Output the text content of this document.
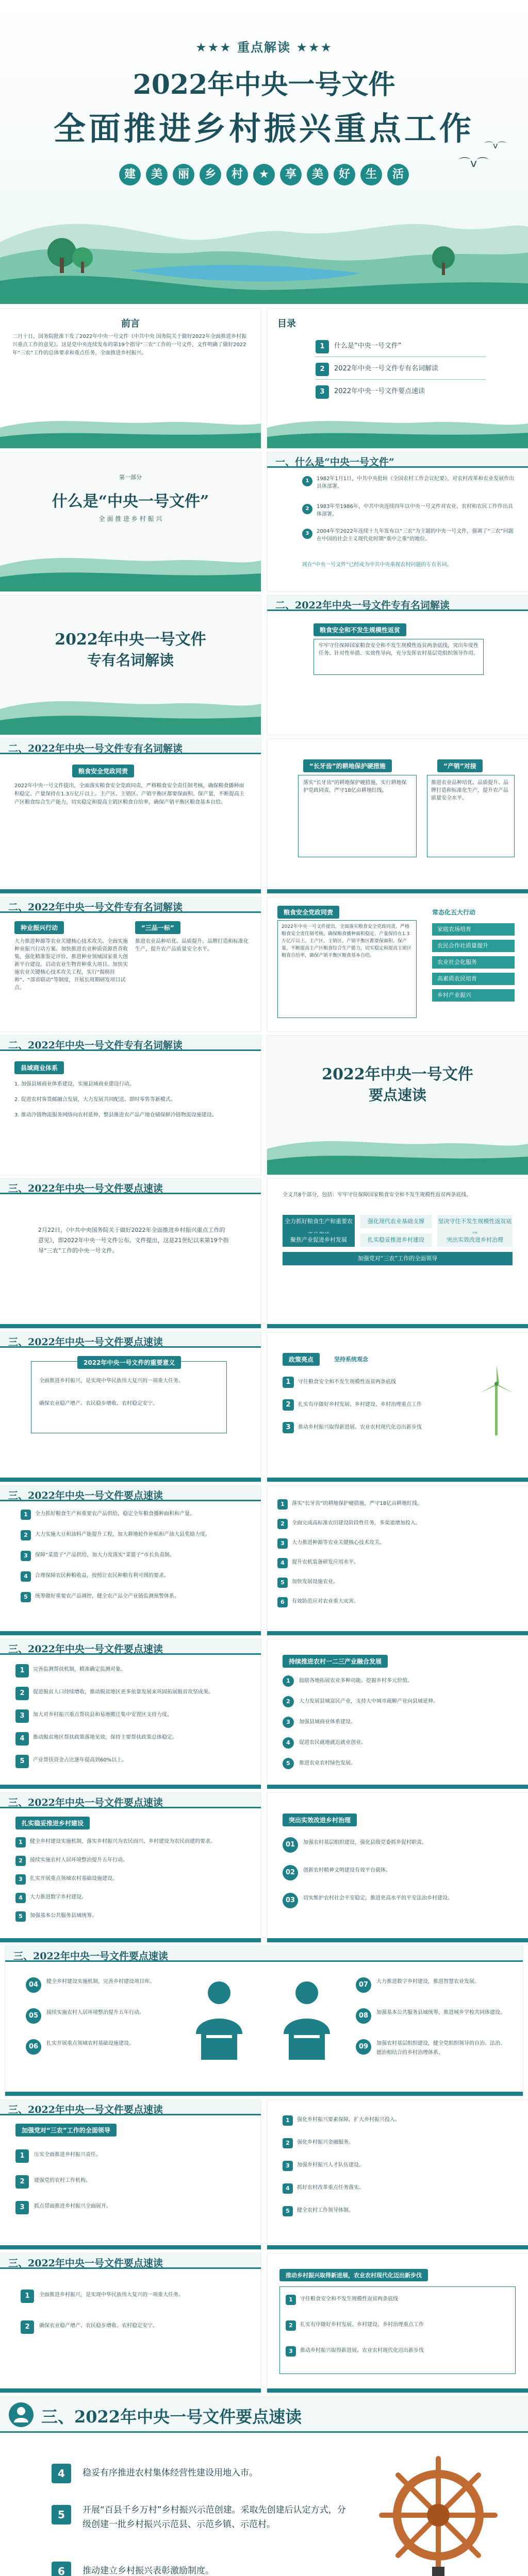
★★★ 重点解读 ★★★
2022年中央一号文件
全面推进乡村振兴重点工作
建 美 丽 乡 村 ★ 享 美 好 生 活
⌒v⌒
⌒v⌒
前言
二月十日，国务院批准下发了2022年中央一号文件《中共中央 国务院关于做好2022年全面推进乡村振兴重点工作的意见》。这是党中央连续发布的第19个指导“三农”工作的一号文件，文件明确了做好2022年“三农”工作的总体要求和重点任务，全面推进乡村振兴。
目录
1	什么是“中央一号文件”
2	2022年中央一号文件专有名词解读
3	2022年中央一号文件要点速读
第一部分
什么是“中央一号文件”
全 面 推 进 乡 村 振 兴
一、什么是“中央一号文件”
1	1982年1月1日，中共中央批转《全国农村工作会议纪要》，对农村改革和农业发展作出具体部署。
2	1983年至1986年，中共中央连续四年以中央一号文件对农业、农村和农民工作作出具体部署。
3	2004年至2022年连续十九年发布以“三农”为主题的中央一号文件，强调了“三农”问题在中国的社会主义现代化时期“重中之重”的地位。
现在“中央一号文件”已经成为中共中央重视农村问题的专有名词。
2022年中央一号文件
专有名词解读
二、2022年中央一号文件专有名词解读
粮食安全和不发生规模性返贫
牢牢守住保障国家粮食安全和不发生规模性返贫两条底线，突出年度性任务、针对性举措、实效性导向，充分发挥农村基层党组织领导作用。
二、2022年中央一号文件专有名词解读
粮食安全党政同责
2022年中央一号文件提出，全面落实粮食安全党政同责，严格粮食安全责任制考核，确保粮食播种面积稳定、产量保持在1.3万亿斤以上。主产区、主销区、产销平衡区都要保面积、保产量，不断提高主产区粮食综合生产能力，切实稳定和提高主销区粮食自给率，确保产销平衡区粮食基本自给。
“长牙齿”的耕地保护硬措施	“产销”对接
落实“长牙齿”的耕地保护硬措施，实行耕地保护党政同责，严守18亿亩耕地红线。
推进农业品种培优、品质提升、品牌打造和标准化生产，提升农产品质量安全水平。
二、2022年中央一号文件专有名词解读
种业振兴行动
大力推进种源等农业关键核心技术攻关。全面实施种业振兴行动方案。加快推进农业种质资源普查收集，强化精准鉴定评价。推进种业领域国家重大创新平台建设。启动农业生物育种重大项目。加快实施农业关键核心技术攻关工程，实行“揭榜挂帅”、“部省联动”等制度，开展长周期研发项目试点。
“三品一标”
推进农业品种培优、品质提升、品牌打造和标准化生产，提升农产品质量安全水平。
粮食安全党政同责
2022年中央一号文件提出，全面落实粮食安全党政同责，严格粮食安全责任制考核，确保粮食播种面积稳定、产量保持在1.3万亿斤以上。主产区、主销区、产销平衡区都要保面积、保产量，不断提高主产区粮食综合生产能力，切实稳定和提高主销区粮食自给率，确保产销平衡区粮食基本自给。
常态化五大行动
家庭农场培育
农民合作社质量提升
农业社会化服务
高素质农民培育
乡村产业振兴
二、2022年中央一号文件专有名词解读
县域商业体系
1. 加强县域商业体系建设，实施县域商业建设行动。
2. 促进农村客货邮融合发展，大力发展共同配送、即时零售等新模式。
3. 推动冷链物流服务网络向农村延伸，整县推进农产品产地仓储保鲜冷链物流设施建设。
2022年中央一号文件
要点速读
三、2022年中央一号文件要点速读
2月22日，《中共中央国务院关于做好2022年全面推进乡村振兴重点工作的意见》，即2022年中央一号文件公布。文件提出，这是21世纪以来第19个指导“三农”工作的中央一号文件。
全文共8个部分，包括：牢牢守住保障国家粮食安全和不发生规模性返贫两条底线。
全力抓好粮食生产和重要农	强化现代农业基础支撑	坚决守住不发生规模性返贫底
聚焦产业促进乡村发展	扎实稳妥推进乡村建设	突出实效改进乡村治理
加强党对“三农”工作的全面领导
三、2022年中央一号文件要点速读
2022年中央一号文件的重要意义
全面推进乡村振兴，是实现中华民族伟大复兴的一项重大任务。
确保农业稳产增产、农民稳步增收、农村稳定安宁。
政策亮点	坚持系统观念
1	守住粮食安全和不发生规模性返贫两条底线
2	扎实有序做好乡村发展、乡村建设、乡村治理重点工作
3	推动乡村振兴取得新进展、农业农村现代化迈出新步伐
三、2022年中央一号文件要点速读
1	全力抓好粮食生产和重要农产品供给，稳定全年粮食播种面积和产量。
2	大力实施大豆和油料产能提升工程，加大耕地轮作补贴和产油大县奖励力度。
3	保障“菜篮子”产品供给，加大力度落实“菜篮子”市长负责制。
4	合理保障农民种粮收益，按照让农民种粮有利可图的要求。
5	统筹做好重要农产品调控，健全农产品全产业链监测预警体系。
1	落实“长牙齿”的耕地保护硬措施，严守18亿亩耕地红线。
2	全面完成高标准农田建设阶段性任务，多渠道增加投入。
3	大力推进种源等农业关键核心技术攻关。
4	提升农机装备研发应用水平。
5	加快发展设施农业。
6	有效防范应对农业重大灾害。
三、2022年中央一号文件要点速读
1	完善监测帮扶机制，精准确定监测对象。
2	促进脱贫人口持续增收，推动脱贫地区更多依靠发展来巩固拓展脱贫攻坚成果。
3	加大对乡村振兴重点帮扶县和易地搬迁集中安置区支持力度。
4	推动脱贫地区帮扶政策落地见效，保持主要帮扶政策总体稳定。
5	产业帮扶资金占比逐年提高到60%以上。
持续推进农村一二三产业融合发展
1	鼓励各地拓展农业多种功能、挖掘乡村多元价值。
2	大力发展县域富民产业，支持大中城市疏解产业向县域延伸。
3	加强县域商业体系建设。
4	促进农民就地就近就业创业。
5	推进农业农村绿色发展。
三、2022年中央一号文件要点速读
扎实稳妥推进乡村建设
1	健全乡村建设实施机制，落实乡村振兴为农民而兴、乡村建设为农民而建的要求。
2	接续实施农村人居环境整治提升五年行动。
3	扎实开展重点领域农村基础设施建设。
4	大力推进数字乡村建设。
5	加强基本公共服务县域统筹。
突出实效改进乡村治理
01	加强农村基层组织建设，强化县级党委抓乡促村职责。
02	创新农村精神文明建设有效平台载体。
03	切实维护农村社会平安稳定，推进更高水平的平安法治乡村建设。
三、2022年中央一号文件要点速读
04	健全乡村建设实施机制，完善乡村建设项目库。
05	接续实施农村人居环境整治提升五年行动。
06	扎实开展重点领域农村基础设施建设。
07	大力推进数字乡村建设，推进智慧农业发展。
08	加强基本公共服务县域统筹，推进城乡学校共同体建设。
09	加强农村基层组织建设，健全党组织领导的自治、法治、德治相结合的乡村治理体系。
三、2022年中央一号文件要点速读
加强党对“三农”工作的全面领导
1	压实全面推进乡村振兴责任。
2	建强党的农村工作机构。
3	抓点带面推进乡村振兴全面展开。
1	强化乡村振兴要素保障，扩大乡村振兴投入。
2	强化乡村振兴金融服务。
3	加强乡村振兴人才队伍建设。
4	抓好农村改革重点任务落实。
5	健全农村工作领导体制。
三、2022年中央一号文件要点速读
1	全面推进乡村振兴，是实现中华民族伟大复兴的一项重大任务。
2	确保农业稳产增产、农民稳步增收、农村稳定安宁。
推动乡村振兴取得新进展，农业农村现代化迈出新步伐
1	守住粮食安全和不发生规模性返贫两条底线
2	扎实有序做好乡村发展、乡村建设、乡村治理重点工作
3	推动乡村振兴取得新进展、农业农村现代化迈出新步伐
三、2022年中央一号文件要点速读
4	稳妥有序推进农村集体经营性建设用地入市。
5	开展“百县千乡万村”乡村振兴示范创建。采取先创建后认定方式，分级创建一批乡村振兴示范县、示范乡镇、示范村。
6	推动建立乡村振兴表彰激励制度。
